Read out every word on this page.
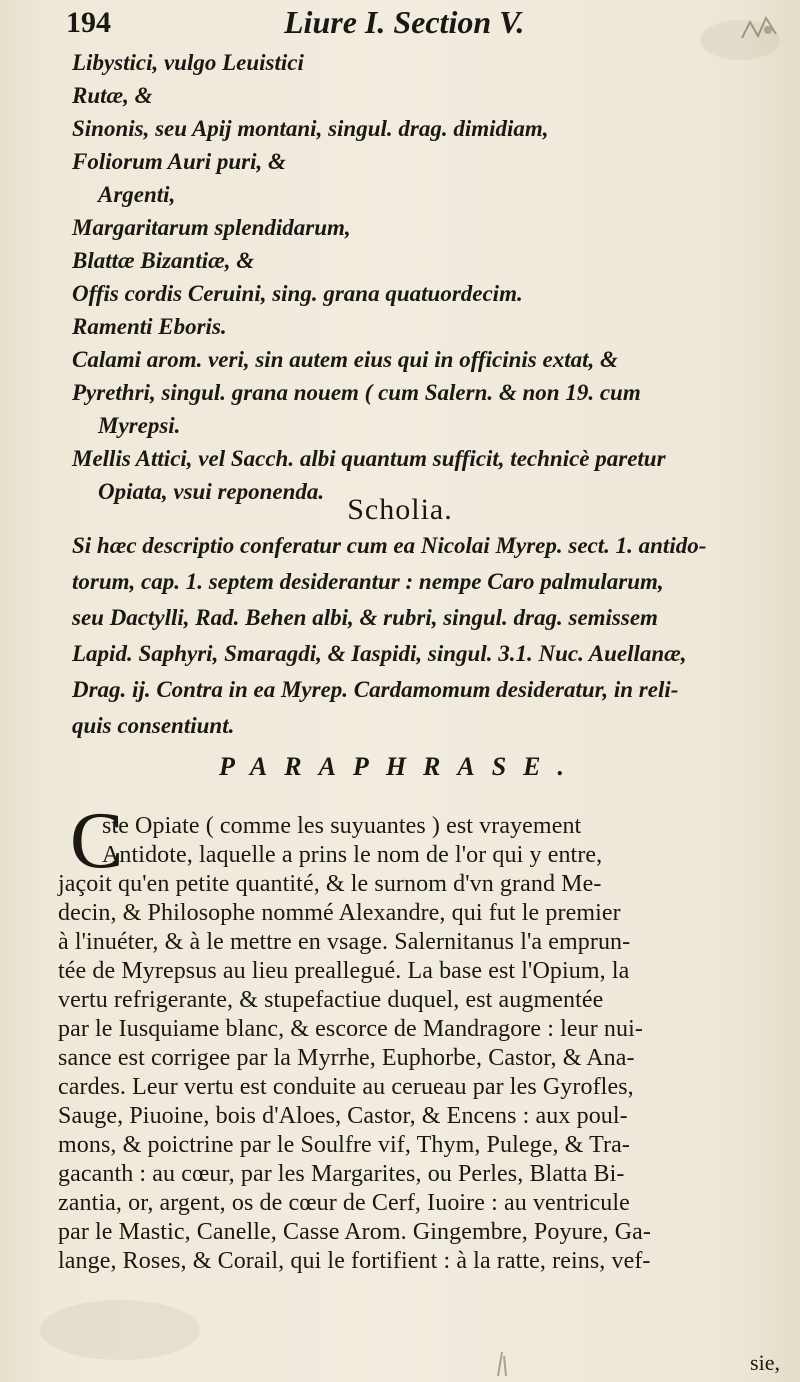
194	Liure I. Section V.
Libystici, vulgo Leuistici
Rutæ, &
Sinonis, seu Apij montani, singul. drag. dimidiam,
Foliorum Auri puri, &
Argenti,
Margaritarum splendidarum,
Blattæ Bizantiæ, &
Offis cordis Ceruini, sing. grana quatuordecim.
Ramenti Eboris.
Calami arom. veri, sin autem eius qui in officinis extat, &
Pyrethri, singul. grana nouem ( cum Salern. & non 19. cum
Myrepsi.
Mellis Attici, vel Sacch. albi quantum sufficit, technicè paretur
Opiata, vsui reponenda.
Scholia.
Si hæc descriptio conferatur cum ea Nicolai Myrep. sect. 1. antido-
torum, cap. 1. septem desiderantur : nempe Caro palmularum,
seu Dactylli, Rad. Behen albi, & rubri, singul. drag. semissem
Lapid. Saphyri, Smaragdi, & Iaspidi, singul. 3.1. Nuc. Auellanæ,
Drag. ij. Contra in ea Myrep. Cardamomum desideratur, in reli-
quis consentiunt.
PARAPHRASE.
C
ste Opiate ( comme les suyuantes ) est vrayement
Antidote, laquelle a prins le nom de l'or qui y entre,
jaçoit qu'en petite quantité, & le surnom d'vn grand Me-
decin, & Philosophe nommé Alexandre, qui fut le premier
à l'inuéter, & à le mettre en vsage. Salernitanus l'a emprun-
tée de Myrepsus au lieu preallegué. La base est l'Opium, la
vertu refrigerante, & stupefactiue duquel, est augmentée
par le Iusquiame blanc, & escorce de Mandragore : leur nui-
sance est corrigee par la Myrrhe, Euphorbe, Castor, & Ana-
cardes. Leur vertu est conduite au cerueau par les Gyrofles,
Sauge, Piuoine, bois d'Aloes, Castor, & Encens : aux poul-
mons, & poictrine par le Soulfre vif, Thym, Pulege, & Tra-
gacanth : au cœur, par les Margarites, ou Perles, Blatta Bi-
zantia, or, argent, os de cœur de Cerf, Iuoire : au ventricule
par le Mastic, Canelle, Casse Arom. Gingembre, Poyure, Ga-
lange, Roses, & Corail, qui le fortifient : à la ratte, reins, vef-
sie,
